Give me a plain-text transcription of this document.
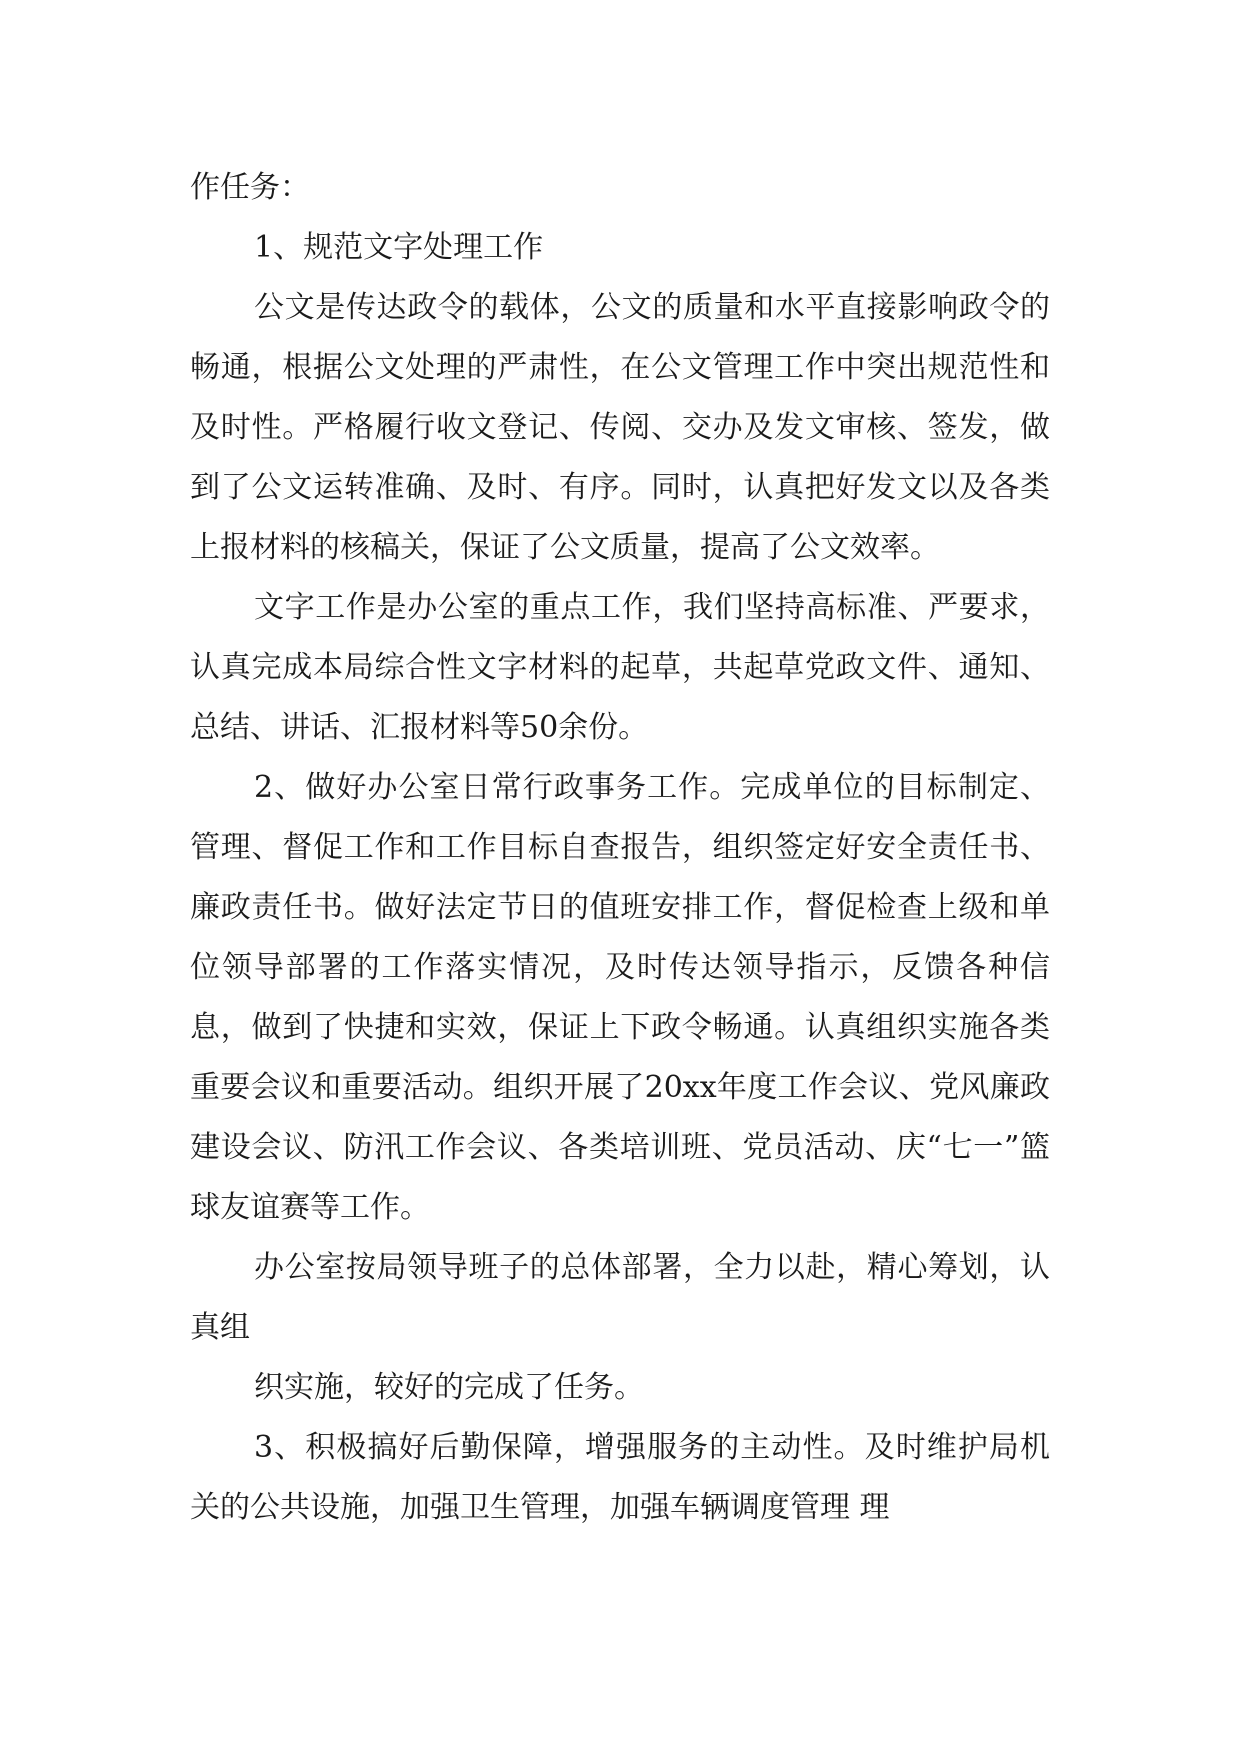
作任务：

1、规范文字处理工作

公文是传达政令的载体，公文的质量和水平直接影响政令的畅通，根据公文处理的严肃性，在公文管理工作中突出规范性和及时性。严格履行收文登记、传阅、交办及发文审核、签发，做到了公文运转准确、及时、有序。同时，认真把好发文以及各类上报材料的核稿关，保证了公文质量，提高了公文效率。

文字工作是办公室的重点工作，我们坚持高标准、严要求，认真完成本局综合性文字材料的起草，共起草党政文件、通知、总结、讲话、汇报材料等50余份。

2、做好办公室日常行政事务工作。完成单位的目标制定、管理、督促工作和工作目标自查报告，组织签定好安全责任书、廉政责任书。做好法定节日的值班安排工作，督促检查上级和单位领导部署的工作落实情况，及时传达领导指示，反馈各种信息，做到了快捷和实效，保证上下政令畅通。认真组织实施各类重要会议和重要活动。组织开展了20xx年度工作会议、党风廉政建设会议、防汛工作会议、各类培训班、党员活动、庆“七一”篮球友谊赛等工作。

办公室按局领导班子的总体部署，全力以赴，精心筹划，认真组

织实施，较好的完成了任务。

3、积极搞好后勤保障，增强服务的主动性。及时维护局机关的公共设施，加强卫生管理，加强车辆调度管理 理
